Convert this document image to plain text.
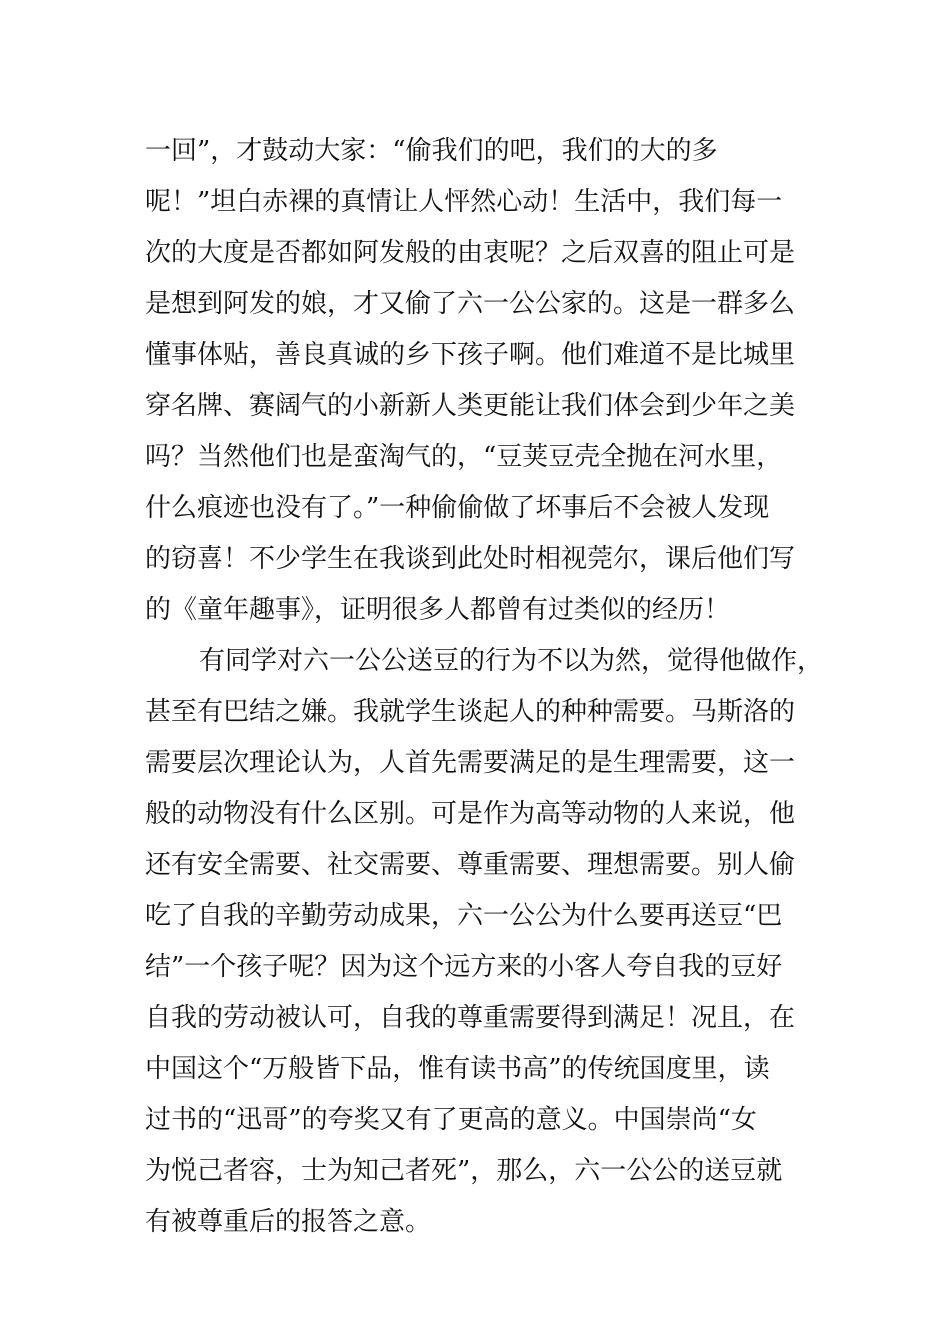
一回”，才鼓动大家：“偷我们的吧，我们的大的多
呢！”坦白赤裸的真情让人怦然心动！生活中，我们每一
次的大度是否都如阿发般的由衷呢？之后双喜的阻止可是
是想到阿发的娘，才又偷了六一公公家的。这是一群多么
懂事体贴，善良真诚的乡下孩子啊。他们难道不是比城里
穿名牌、赛阔气的小新新人类更能让我们体会到少年之美
吗？当然他们也是蛮淘气的，“豆荚豆壳全抛在河水里，
什么痕迹也没有了。”一种偷偷做了坏事后不会被人发现
的窃喜！不少学生在我谈到此处时相视莞尔，课后他们写
的《童年趣事》，证明很多人都曾有过类似的经历！
有同学对六一公公送豆的行为不以为然，觉得他做作，
甚至有巴结之嫌。我就学生谈起人的种种需要。马斯洛的
需要层次理论认为，人首先需要满足的是生理需要，这一
般的动物没有什么区别。可是作为高等动物的人来说，他
还有安全需要、社交需要、尊重需要、理想需要。别人偷
吃了自我的辛勤劳动成果，六一公公为什么要再送豆“巴
结”一个孩子呢？因为这个远方来的小客人夸自我的豆好
自我的劳动被认可，自我的尊重需要得到满足！况且，在
中国这个“万般皆下品，惟有读书高”的传统国度里，读
过书的“迅哥”的夸奖又有了更高的意义。中国崇尚“女
为悦己者容，士为知己者死”，那么，六一公公的送豆就
有被尊重后的报答之意。
